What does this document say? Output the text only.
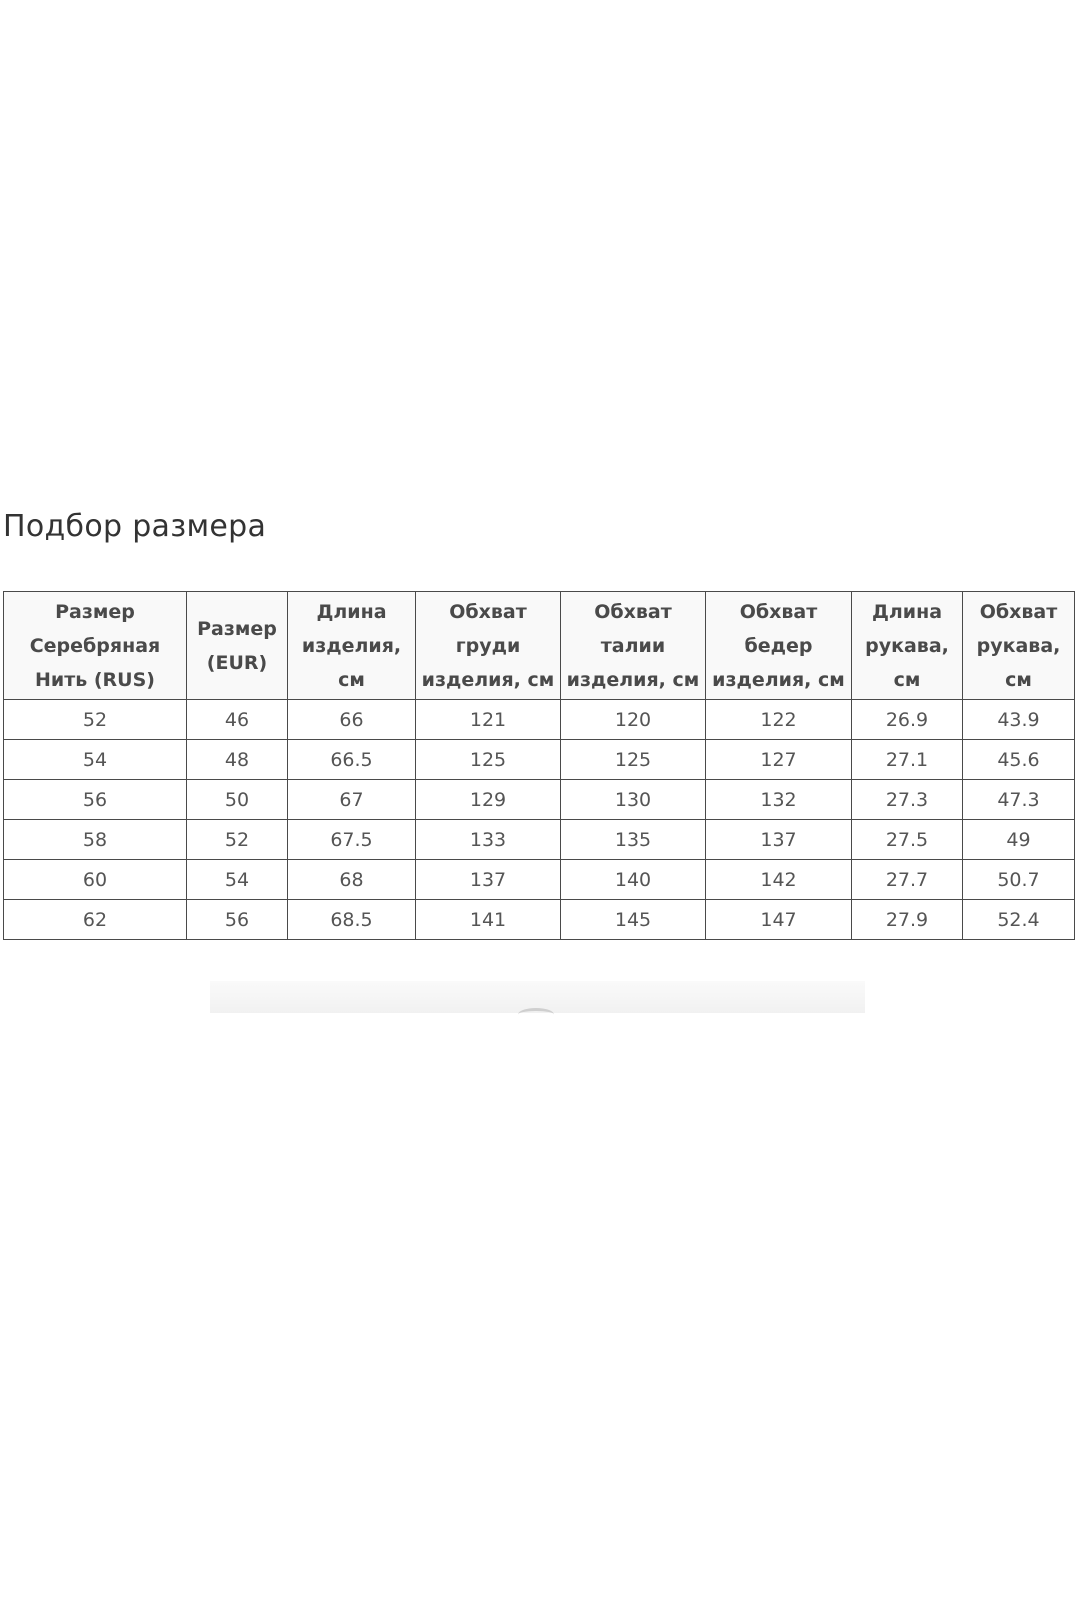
Подбор размера
Размер
Серебряная
Нить (RUS)	Размер
(EUR)	Длина
изделия,
см	Обхват
груди
изделия, см	Обхват
талии
изделия, см	Обхват
бедер
изделия, см	Длина
рукава,
см	Обхват
рукава,
см
52	46	66	121	120	122	26.9	43.9
54	48	66.5	125	125	127	27.1	45.6
56	50	67	129	130	132	27.3	47.3
58	52	67.5	133	135	137	27.5	49
60	54	68	137	140	142	27.7	50.7
62	56	68.5	141	145	147	27.9	52.4
